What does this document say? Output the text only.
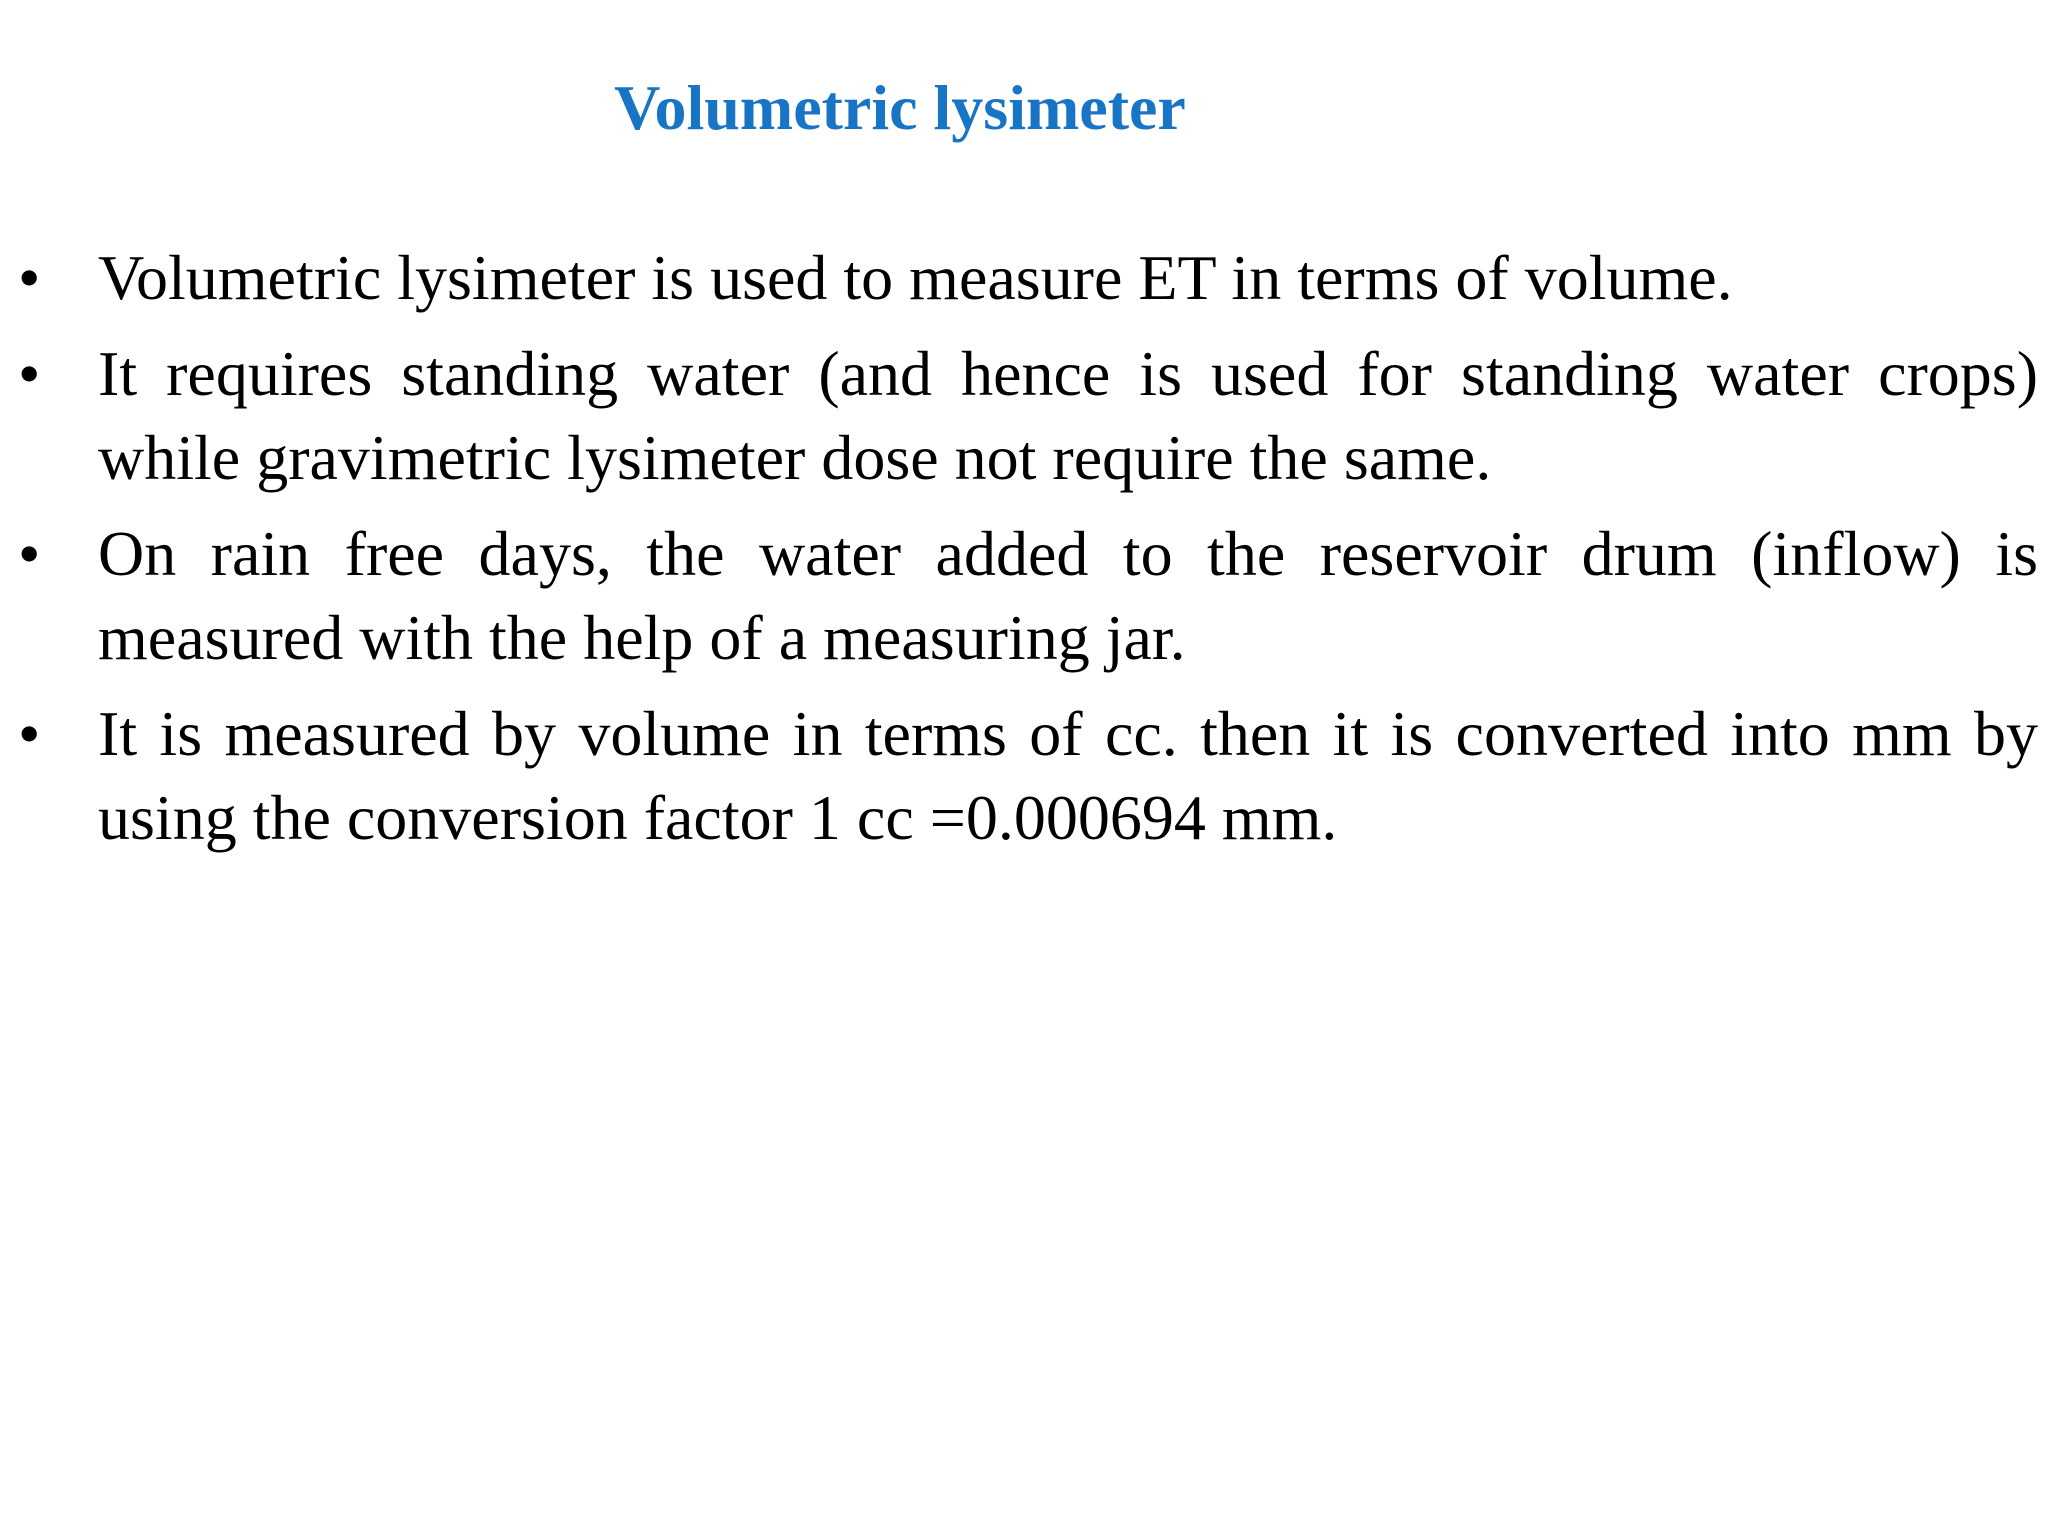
Volumetric lysimeter
• Volumetric lysimeter is used to measure ET in terms of volume.
• It requires standing water (and hence is used for standing water crops) while gravimetric lysimeter dose not require the same.
• On rain free days, the water added to the reservoir drum (inflow) is measured with the help of a measuring jar.
• It is measured by volume in terms of cc. then it is converted into mm by using the conversion factor 1 cc =0.000694 mm.
